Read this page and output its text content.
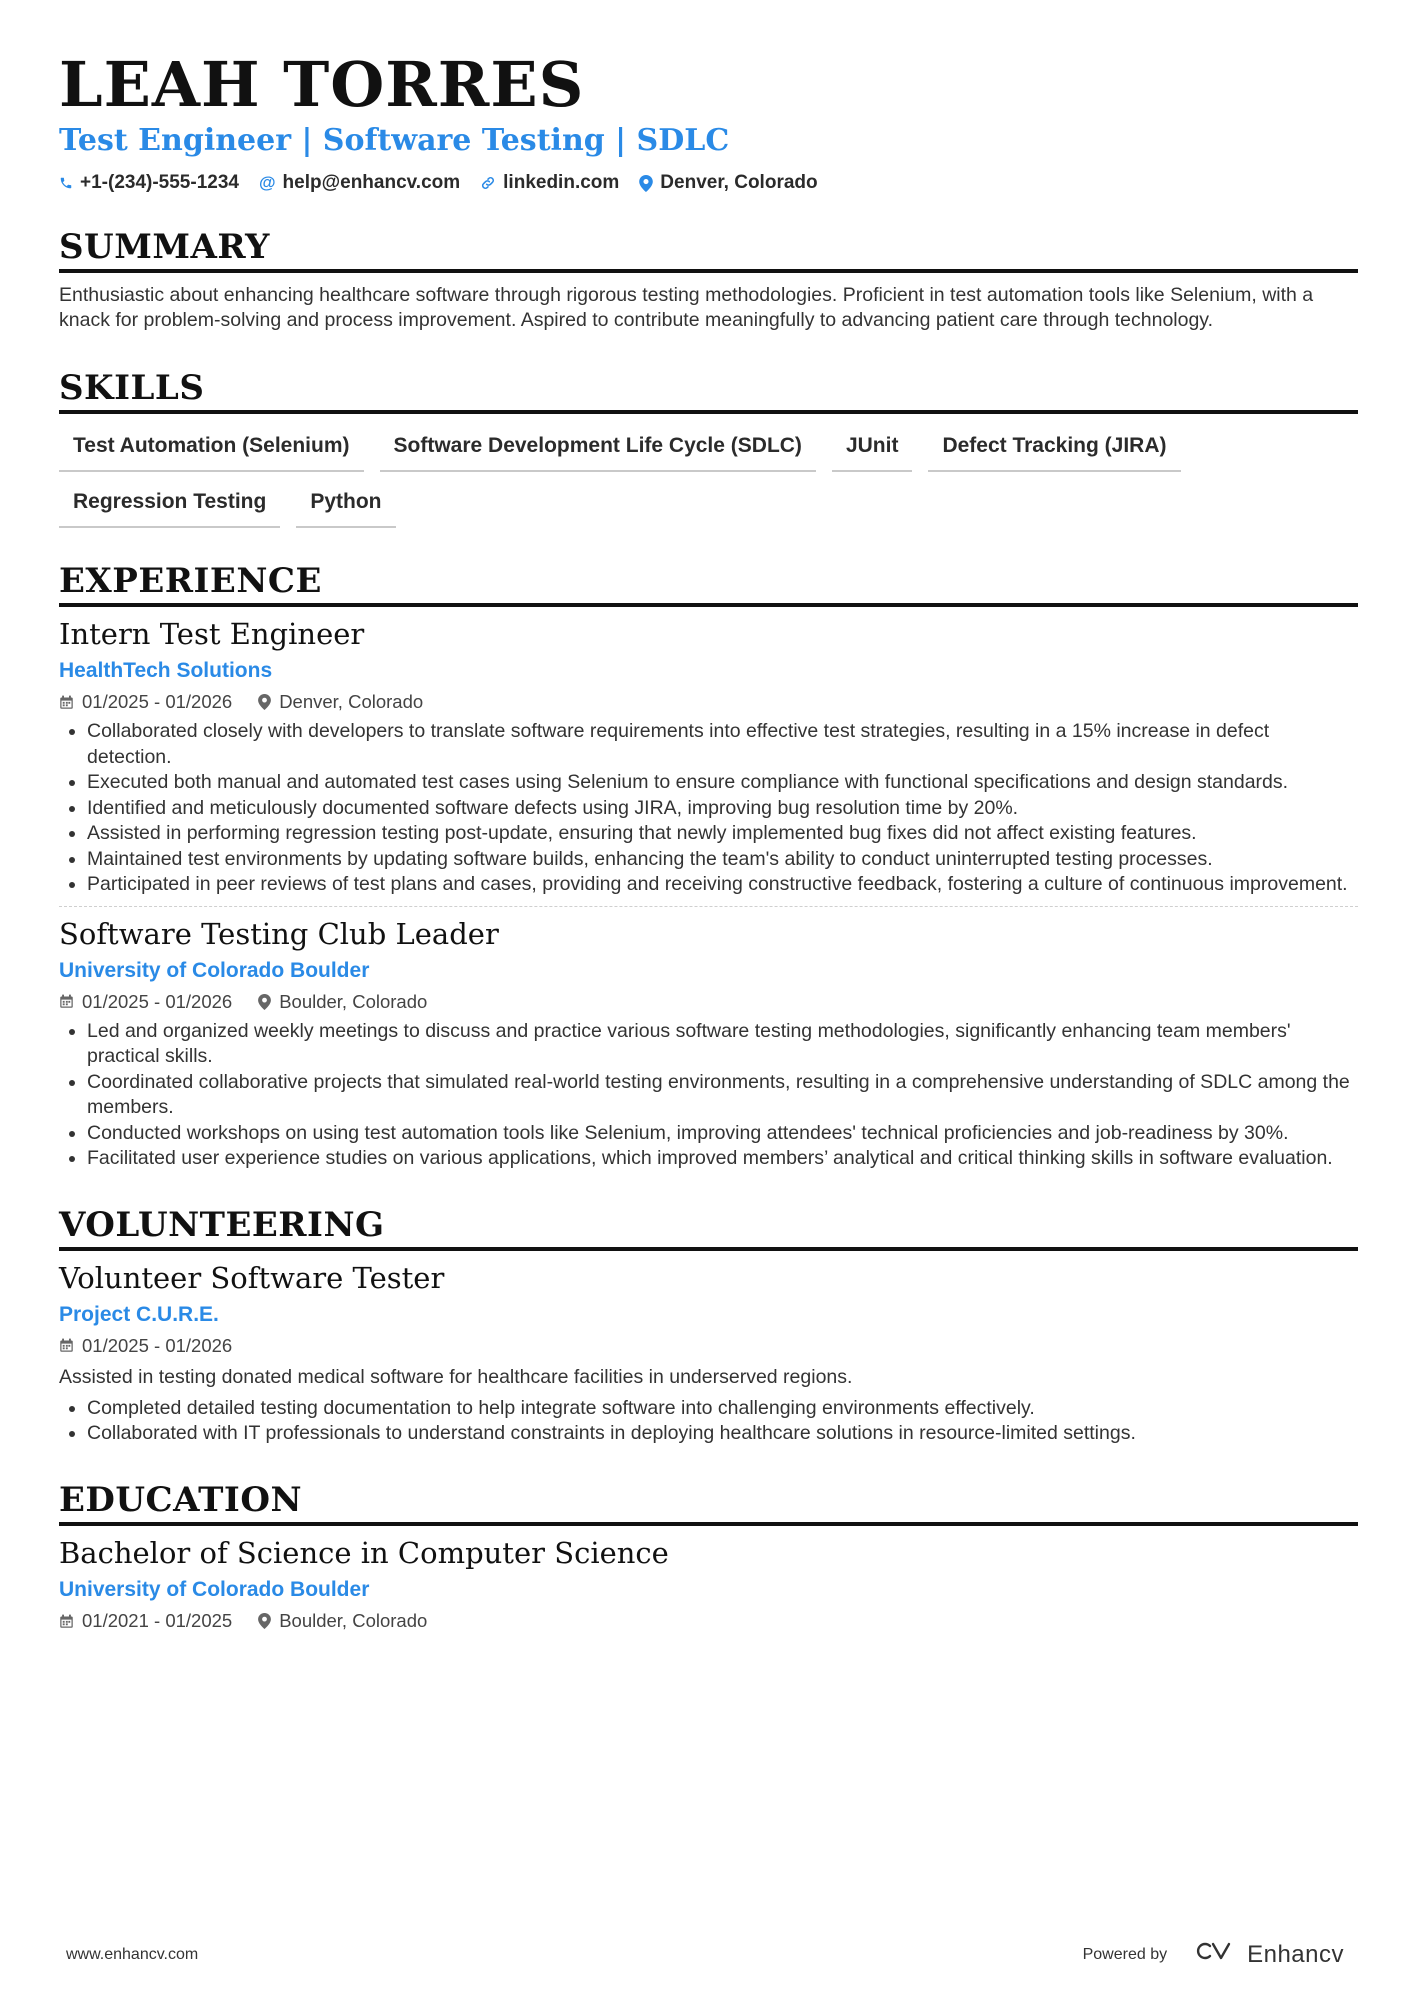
LEAH TORRES
Test Engineer | Software Testing | SDLC
+1-(234)-555-1234 @ help@enhancv.com linkedin.com Denver, Colorado
SUMMARY
Enthusiastic about enhancing healthcare software through rigorous testing methodologies. Proficient in test automation tools like Selenium, with a knack for problem-solving and process improvement. Aspired to contribute meaningfully to advancing patient care through technology.
SKILLS
Test Automation (Selenium)	Software Development Life Cycle (SDLC)	JUnit	Defect Tracking (JIRA)
Regression Testing	Python
EXPERIENCE
Intern Test Engineer
HealthTech Solutions
01/2025 - 01/2026	Denver, Colorado
• Collaborated closely with developers to translate software requirements into effective test strategies, resulting in a 15% increase in defect detection.
• Executed both manual and automated test cases using Selenium to ensure compliance with functional specifications and design standards.
• Identified and meticulously documented software defects using JIRA, improving bug resolution time by 20%.
• Assisted in performing regression testing post-update, ensuring that newly implemented bug fixes did not affect existing features.
• Maintained test environments by updating software builds, enhancing the team's ability to conduct uninterrupted testing processes.
• Participated in peer reviews of test plans and cases, providing and receiving constructive feedback, fostering a culture of continuous improvement.
Software Testing Club Leader
University of Colorado Boulder
01/2025 - 01/2026	Boulder, Colorado
• Led and organized weekly meetings to discuss and practice various software testing methodologies, significantly enhancing team members' practical skills.
• Coordinated collaborative projects that simulated real-world testing environments, resulting in a comprehensive understanding of SDLC among the members.
• Conducted workshops on using test automation tools like Selenium, improving attendees' technical proficiencies and job-readiness by 30%.
• Facilitated user experience studies on various applications, which improved members’ analytical and critical thinking skills in software evaluation.
VOLUNTEERING
Volunteer Software Tester
Project C.U.R.E.
01/2025 - 01/2026
Assisted in testing donated medical software for healthcare facilities in underserved regions.
• Completed detailed testing documentation to help integrate software into challenging environments effectively.
• Collaborated with IT professionals to understand constraints in deploying healthcare solutions in resource-limited settings.
EDUCATION
Bachelor of Science in Computer Science
University of Colorado Boulder
01/2021 - 01/2025	Boulder, Colorado
www.enhancv.com	Powered by	Enhancv
